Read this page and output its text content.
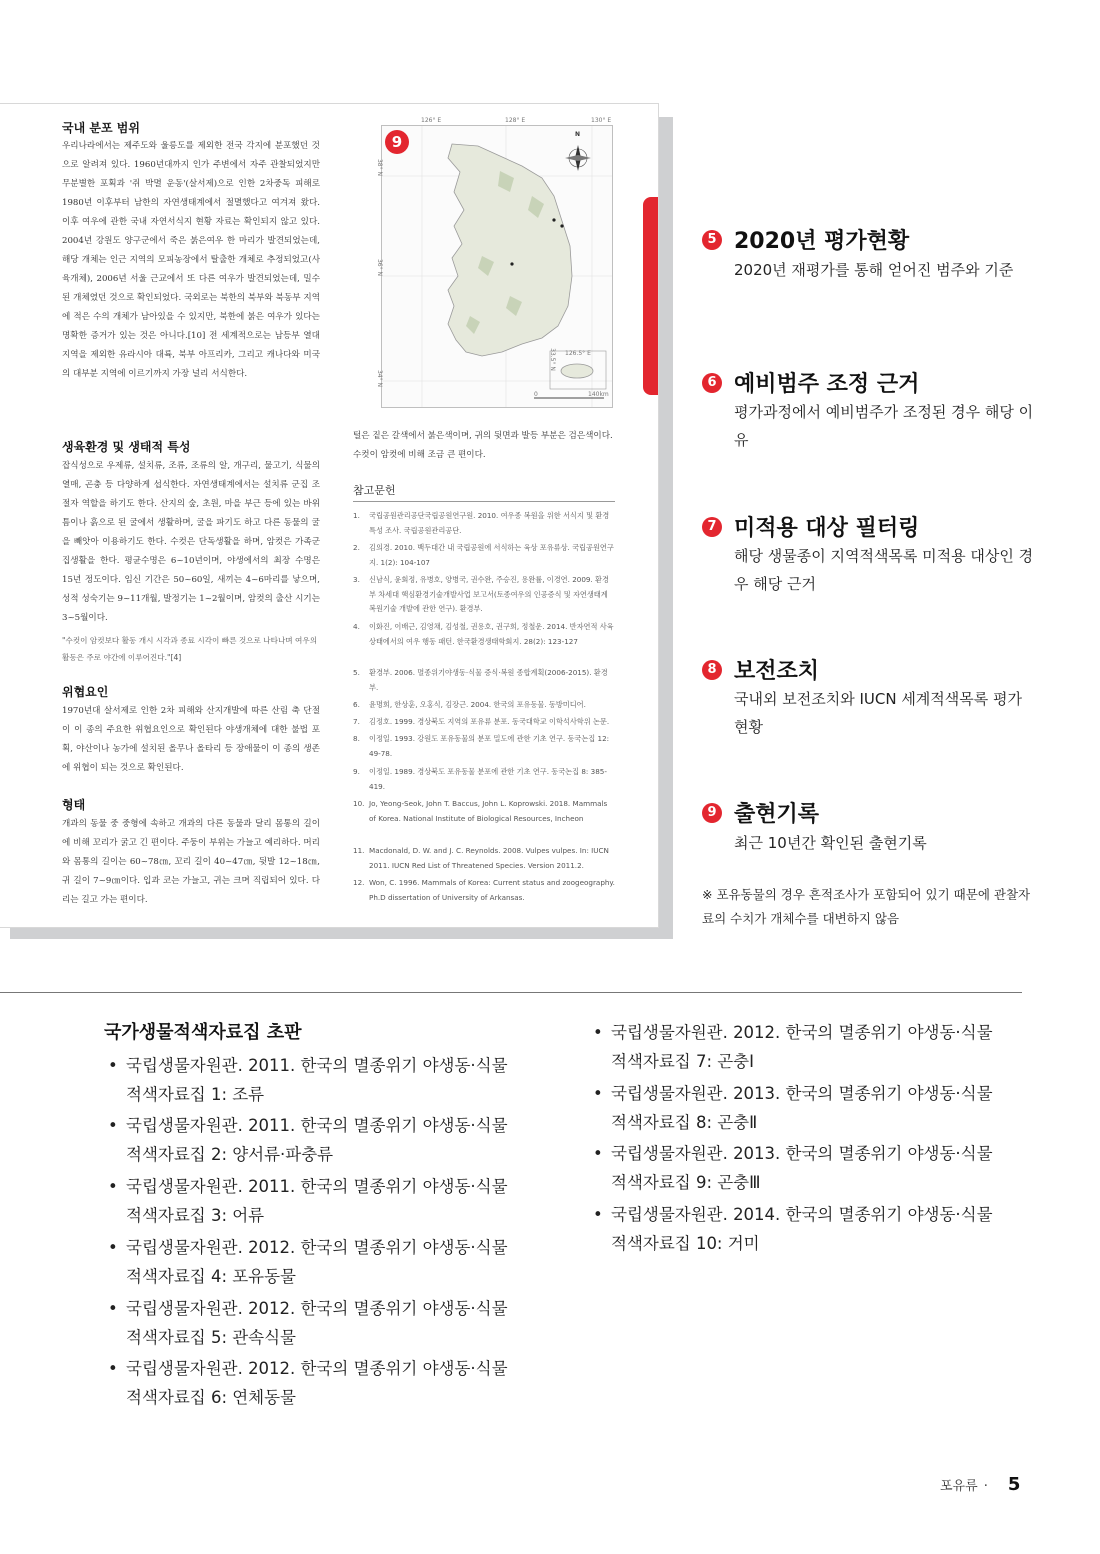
국내 분포 범위
우리나라에서는 제주도와 울릉도를 제외한 전국 각지에 분포했던 것으로 알려져 있다. 1960년대까지 인가 주변에서 자주 관찰되었지만 무분별한 포획과 '쥐 박멸 운동'(살서제)으로 인한 2차중독 피해로 1980년 이후부터 남한의 자연생태계에서 절멸했다고 여겨져 왔다. 이후 여우에 관한 국내 자연서식지 현황 자료는 확인되지 않고 있다. 2004년 강원도 양구군에서 죽은 붉은여우 한 마리가 발견되었는데, 해당 개체는 인근 지역의 모피농장에서 탈출한 개체로 추정되었고(사육개체), 2006년 서울 근교에서 또 다른 여우가 발견되었는데, 밀수된 개체였던 것으로 확인되었다. 국외로는 북한의 북부와 북동부 지역에 적은 수의 개체가 남아있을 수 있지만, 북한에 붉은 여우가 있다는 명확한 증거가 있는 것은 아니다.[10] 전 세계적으로는 남등부 열대 지역을 제외한 유라시아 대륙, 북부 아프리카, 그리고 캐나다와 미국의 대부분 지역에 이르기까지 가장 널리 서식한다.
생육환경 및 생태적 특성
잡식성으로 우제류, 설치류, 조류, 조류의 알, 개구리, 물고기, 식물의 열매, 곤충 등 다양하게 섭식한다. 자연생태계에서는 설치류 군집 조절자 역할을 하기도 한다. 산지의 숲, 초원, 마을 부근 등에 있는 바위틈이나 흙으로 된 굴에서 생활하며, 굴을 파기도 하고 다른 동물의 굴을 빼앗아 이용하기도 한다. 수컷은 단독생활을 하며, 암컷은 가족군집생활을 한다. 평균수명은 6~10년이며, 야생에서의 최장 수명은 15년 정도이다. 임신 기간은 50~60일, 새끼는 4~6마리를 낳으며, 성적 성숙기는 9~11개월, 발정기는 1~2월이며, 암컷의 출산 시기는 3~5월이다.
"수컷이 암컷보다 활동 개시 시각과 종료 시각이 빠른 것으로 나타나며 여우의 활동은 주로 야간에 이루어진다."[4]
위협요인
1970년대 살서제로 인한 2차 피해와 산지개발에 따른 산림 축 단절이 이 종의 주요한 위협요인으로 확인된다 야생개체에 대한 불법 포획, 야산이나 농가에 설치된 올무나 올타리 등 장애물이 이 종의 생존에 위협이 되는 것으로 확인된다.
형태
개과의 동물 중 중형에 속하고 개과의 다른 동물과 달리 몸통의 길이에 비해 꼬리가 굵고 긴 편이다. 주둥이 부위는 가늘고 예리하다. 머리와 몸통의 길이는 60~78㎝, 꼬리 길이 40~47㎝, 뒷발 12~18㎝, 귀 길이 7~9㎝이다. 입과 코는 가늘고, 귀는 크며 직립되어 있다. 다리는 길고 가는 편이다.
126° E	128° E	130° E
9	N
38° N
36° N
34° N
126.5° E
33.5° N
0	140km
털은 짙은 갈색에서 붉은색이며, 귀의 뒷면과 발등 부분은 검은색이다. 수컷이 암컷에 비해 조금 큰 편이다.
참고문헌
1.	국립공원관리공단국립공원연구원. 2010. 여우종 복원을 위한 서식지 및 환경특성 조사. 국립공원관리공단.
2.	김의경. 2010. 백두대간 내 국립공원에 서식하는 육상 포유류상. 국립공원연구지. 1(2): 104-107
3.	신남식, 윤회정, 유병호, 양병국, 권수완, 주승진, 용완률, 이경연. 2009. 환경부 차세대 핵심환경기술개발사업 보고서(토종여우의 인공증식 및 자연생태계 복원기술 개발에 관한 연구). 환경부.
4.	이화진, 이배근, 김영채, 김성철, 권용호, 권구희, 정철운. 2014. 반자연적 사육 상태에서의 여우 행동 패턴. 한국환경생태학회지. 28(2): 123-127
5.	환경부. 2006. 멸종위기야생동·식물 증식·복원 종합계획(2006-2015). 환경부.
6.	윤명희, 한상훈, 오홍식, 김장근. 2004. 한국의 포유동물. 동방미디어.
7.	김정호. 1999. 경상북도 지역의 포유류 분포. 동국대학교 이학석사학위 논문.
8.	이정일. 1993. 강원도 포유동물의 분포 밀도에 관한 기초 연구. 동국논집 12: 49-78.
9.	이정일. 1989. 경상북도 포유동물 분포에 관한 기초 연구. 동국논집 8: 385-419.
10. Jo, Yeong-Seok, John T. Baccus, John L. Koprowski. 2018. Mammals of Korea. National Institute of Biological Resources, Incheon
11. Macdonald, D. W. and J. C. Reynolds. 2008. Vulpes vulpes. In: IUCN 2011. IUCN Red List of Threatened Species. Version 2011.2.
12. Won, C. 1996. Mammals of Korea: Current status and zoogeography. Ph.D dissertation of University of Arkansas.
5 2020년 평가현황
2020년 재평가를 통해 얻어진 범주와 기준
6 예비범주 조정 근거
평가과정에서 예비범주가 조정된 경우 해당 이유
7 미적용 대상 필터링
해당 생물종이 지역적색목록 미적용 대상인 경우 해당 근거
8 보전조치
국내외 보전조치와 IUCN 세계적색목록 평가 현황
9 출현기록
최근 10년간 확인된 출현기록
※ 포유동물의 경우 흔적조사가 포함되어 있기 때문에 관찰자료의 수치가 개체수를 대변하지 않음
국가생물적색자료집 초판
• 국립생물자원관. 2011. 한국의 멸종위기 야생동·식물 적색자료집 1: 조류
• 국립생물자원관. 2011. 한국의 멸종위기 야생동·식물 적색자료집 2: 양서류·파충류
• 국립생물자원관. 2011. 한국의 멸종위기 야생동·식물 적색자료집 3: 어류
• 국립생물자원관. 2012. 한국의 멸종위기 야생동·식물 적색자료집 4: 포유동물
• 국립생물자원관. 2012. 한국의 멸종위기 야생동·식물 적색자료집 5: 관속식물
• 국립생물자원관. 2012. 한국의 멸종위기 야생동·식물 적색자료집 6: 연체동물
• 국립생물자원관. 2012. 한국의 멸종위기 야생동·식물 적색자료집 7: 곤충Ⅰ
• 국립생물자원관. 2013. 한국의 멸종위기 야생동·식물 적색자료집 8: 곤충Ⅱ
• 국립생물자원관. 2013. 한국의 멸종위기 야생동·식물 적색자료집 9: 곤충Ⅲ
• 국립생물자원관. 2014. 한국의 멸종위기 야생동·식물 적색자료집 10: 거미
포유류 · 5
